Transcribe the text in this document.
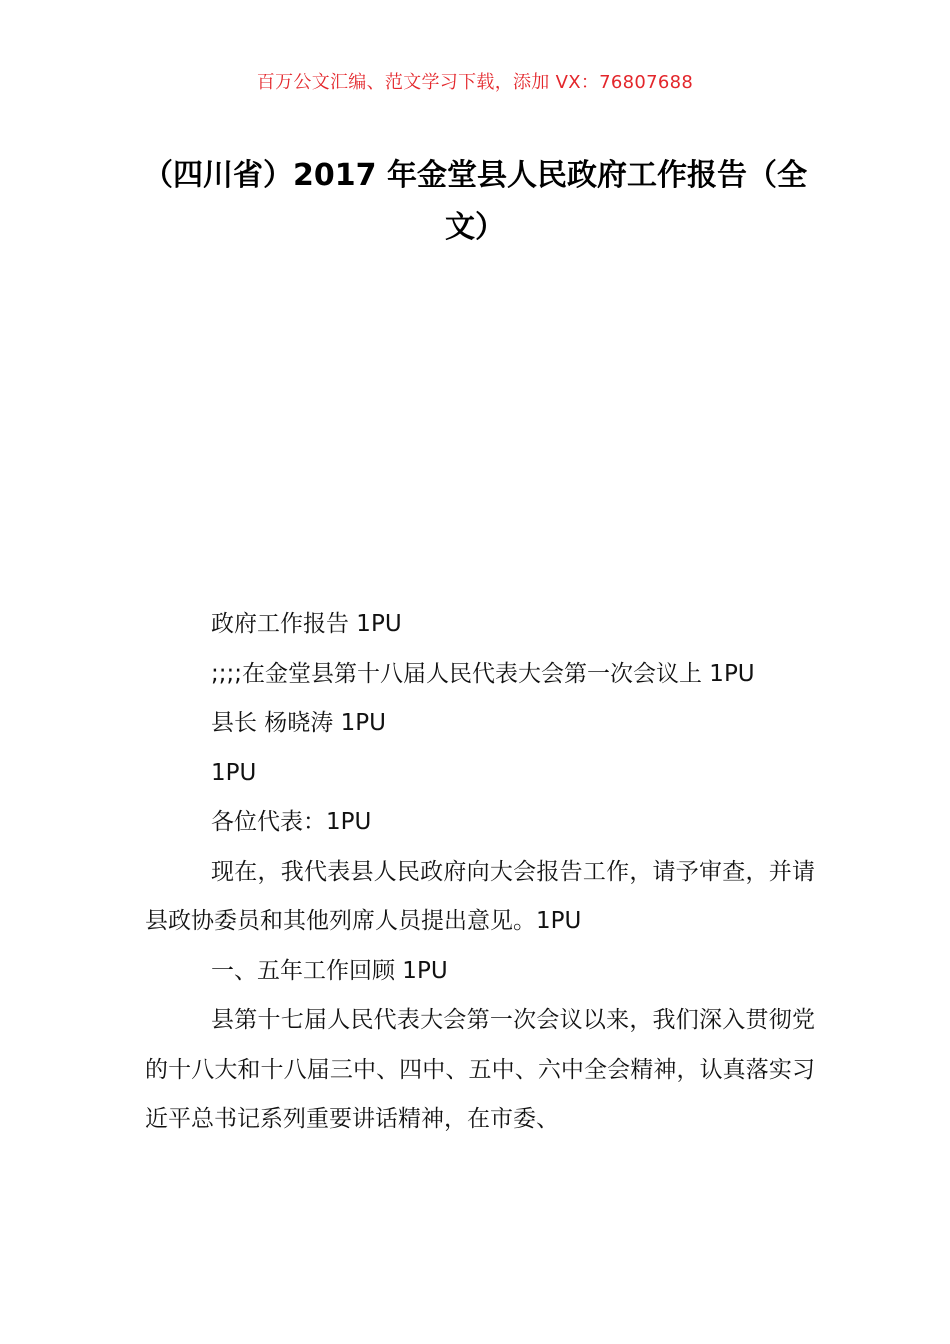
百万公文汇编、范文学习下载，添加 VX：76807688
（四川省）2017 年金堂县人民政府工作报告（全文）

政府工作报告 1PU

;;;;在金堂县第十八届人民代表大会第一次会议上 1PU

县长 杨晓涛 1PU

1PU

各位代表：1PU

现在，我代表县人民政府向大会报告工作，请予审查，并请县政协委员和其他列席人员提出意见。1PU

一、五年工作回顾 1PU

县第十七届人民代表大会第一次会议以来，我们深入贯彻党的十八大和十八届三中、四中、五中、六中全会精神，认真落实习近平总书记系列重要讲话精神，在市委、
